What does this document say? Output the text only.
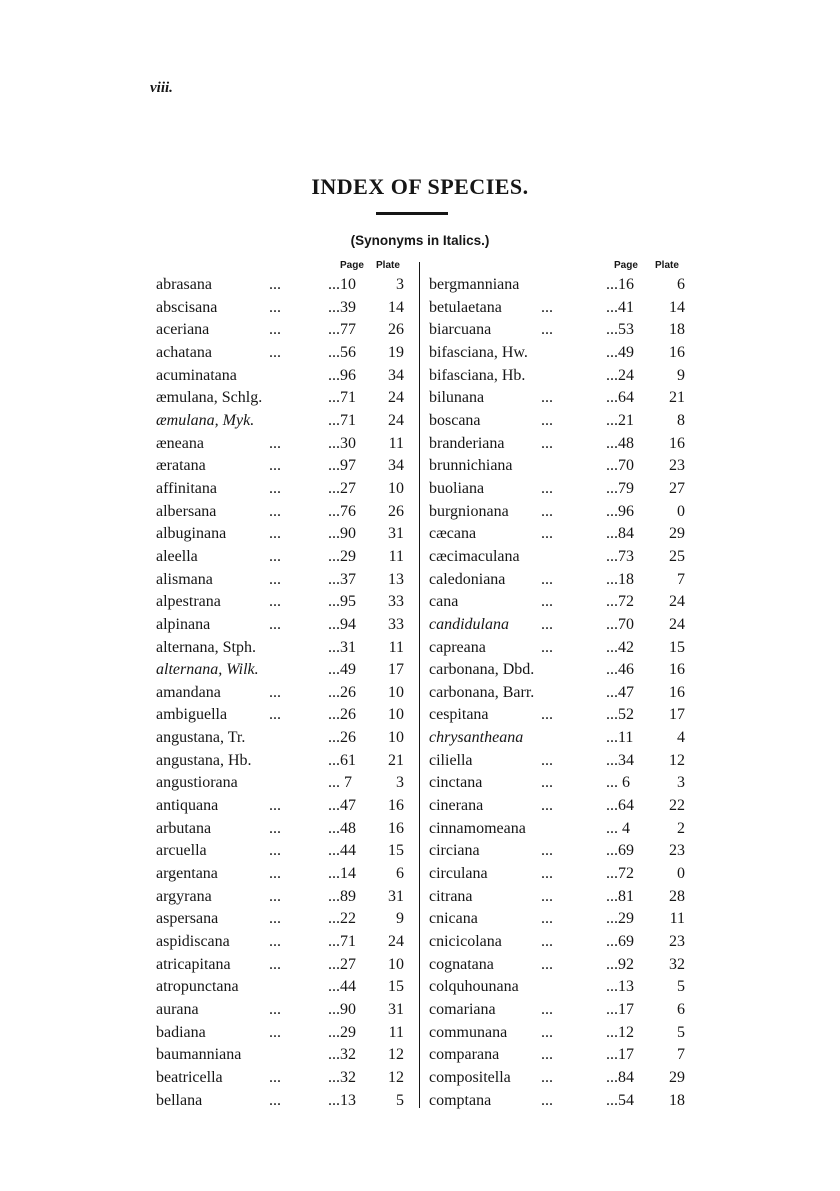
viii.
INDEX OF SPECIES.
(Synonyms in Italics.)
Page Plate	Page Plate
abrasana	...	...10	3
abscisana	...	...39	14
aceriana	...	...77	26
achatana	...	...56	19
acuminatana	...96	34
æmulana, Schlg.	...71	24
æmulana, Myk.	...71	24
æneana	...	...30	11
æratana	...	...97	34
affinitana	...	...27	10
albersana	...	...76	26
albuginana	...	...90	31
aleella	...	...29	11
alismana	...	...37	13
alpestrana	...	...95	33
alpinana	...	...94	33
alternana, Stph.	...31	11
alternana, Wilk.	...49	17
amandana	...	...26	10
ambiguella	...	...26	10
angustana, Tr.	...26	10
angustana, Hb.	...61	21
angustiorana	... 7	3
antiquana	...	...47	16
arbutana	...	...48	16
arcuella	...	...44	15
argentana	...	...14	6
argyrana	...	...89	31
aspersana	...	...22	9
aspidiscana ...	...71	24
atricapitana ...	...27	10
atropunctana	...44	15
aurana	...	...90	31
badiana	...	...29	11
baumanniana	...32	12
beatricella	...	...32	12
bellana	...	...13	5
bergmanniana	...16	6
betulaetana ...	...41	14
biarcuana	...	...53	18
bifasciana, Hw.	...49	16
bifasciana, Hb.	...24	9
bilunana	...	...64	21
boscana	...	...21	8
branderiana ...	...48	16
brunnichiana	...70	23
buoliana	...	...79	27
burgnionana ...	...96	0
cæcana	...	...84	29
cæcimaculana	...73	25
caledoniana ...	...18	7
cana	...	...72	24
candidulana ...	...70	24
capreana	...	...42	15
carbonana, Dbd.	...46	16
carbonana, Barr.	...47	16
cespitana	...	...52	17
chrysantheana	...11	4
ciliella	...	...34	12
cinctana	...	... 6	3
cinerana	...	...64	22
cinnamomeana	... 4	2
circiana	...	...69	23
circulana	...	...72	0
citrana	...	...81	28
cnicana	...	...29	11
cnicicolana ...	...69	23
cognatana	...	...92	32
colquhounana	...13	5
comariana	...	...17	6
communana ...	...12	5
comparana	...	...17	7
compositella ...	...84	29
comptana	...	...54	18
